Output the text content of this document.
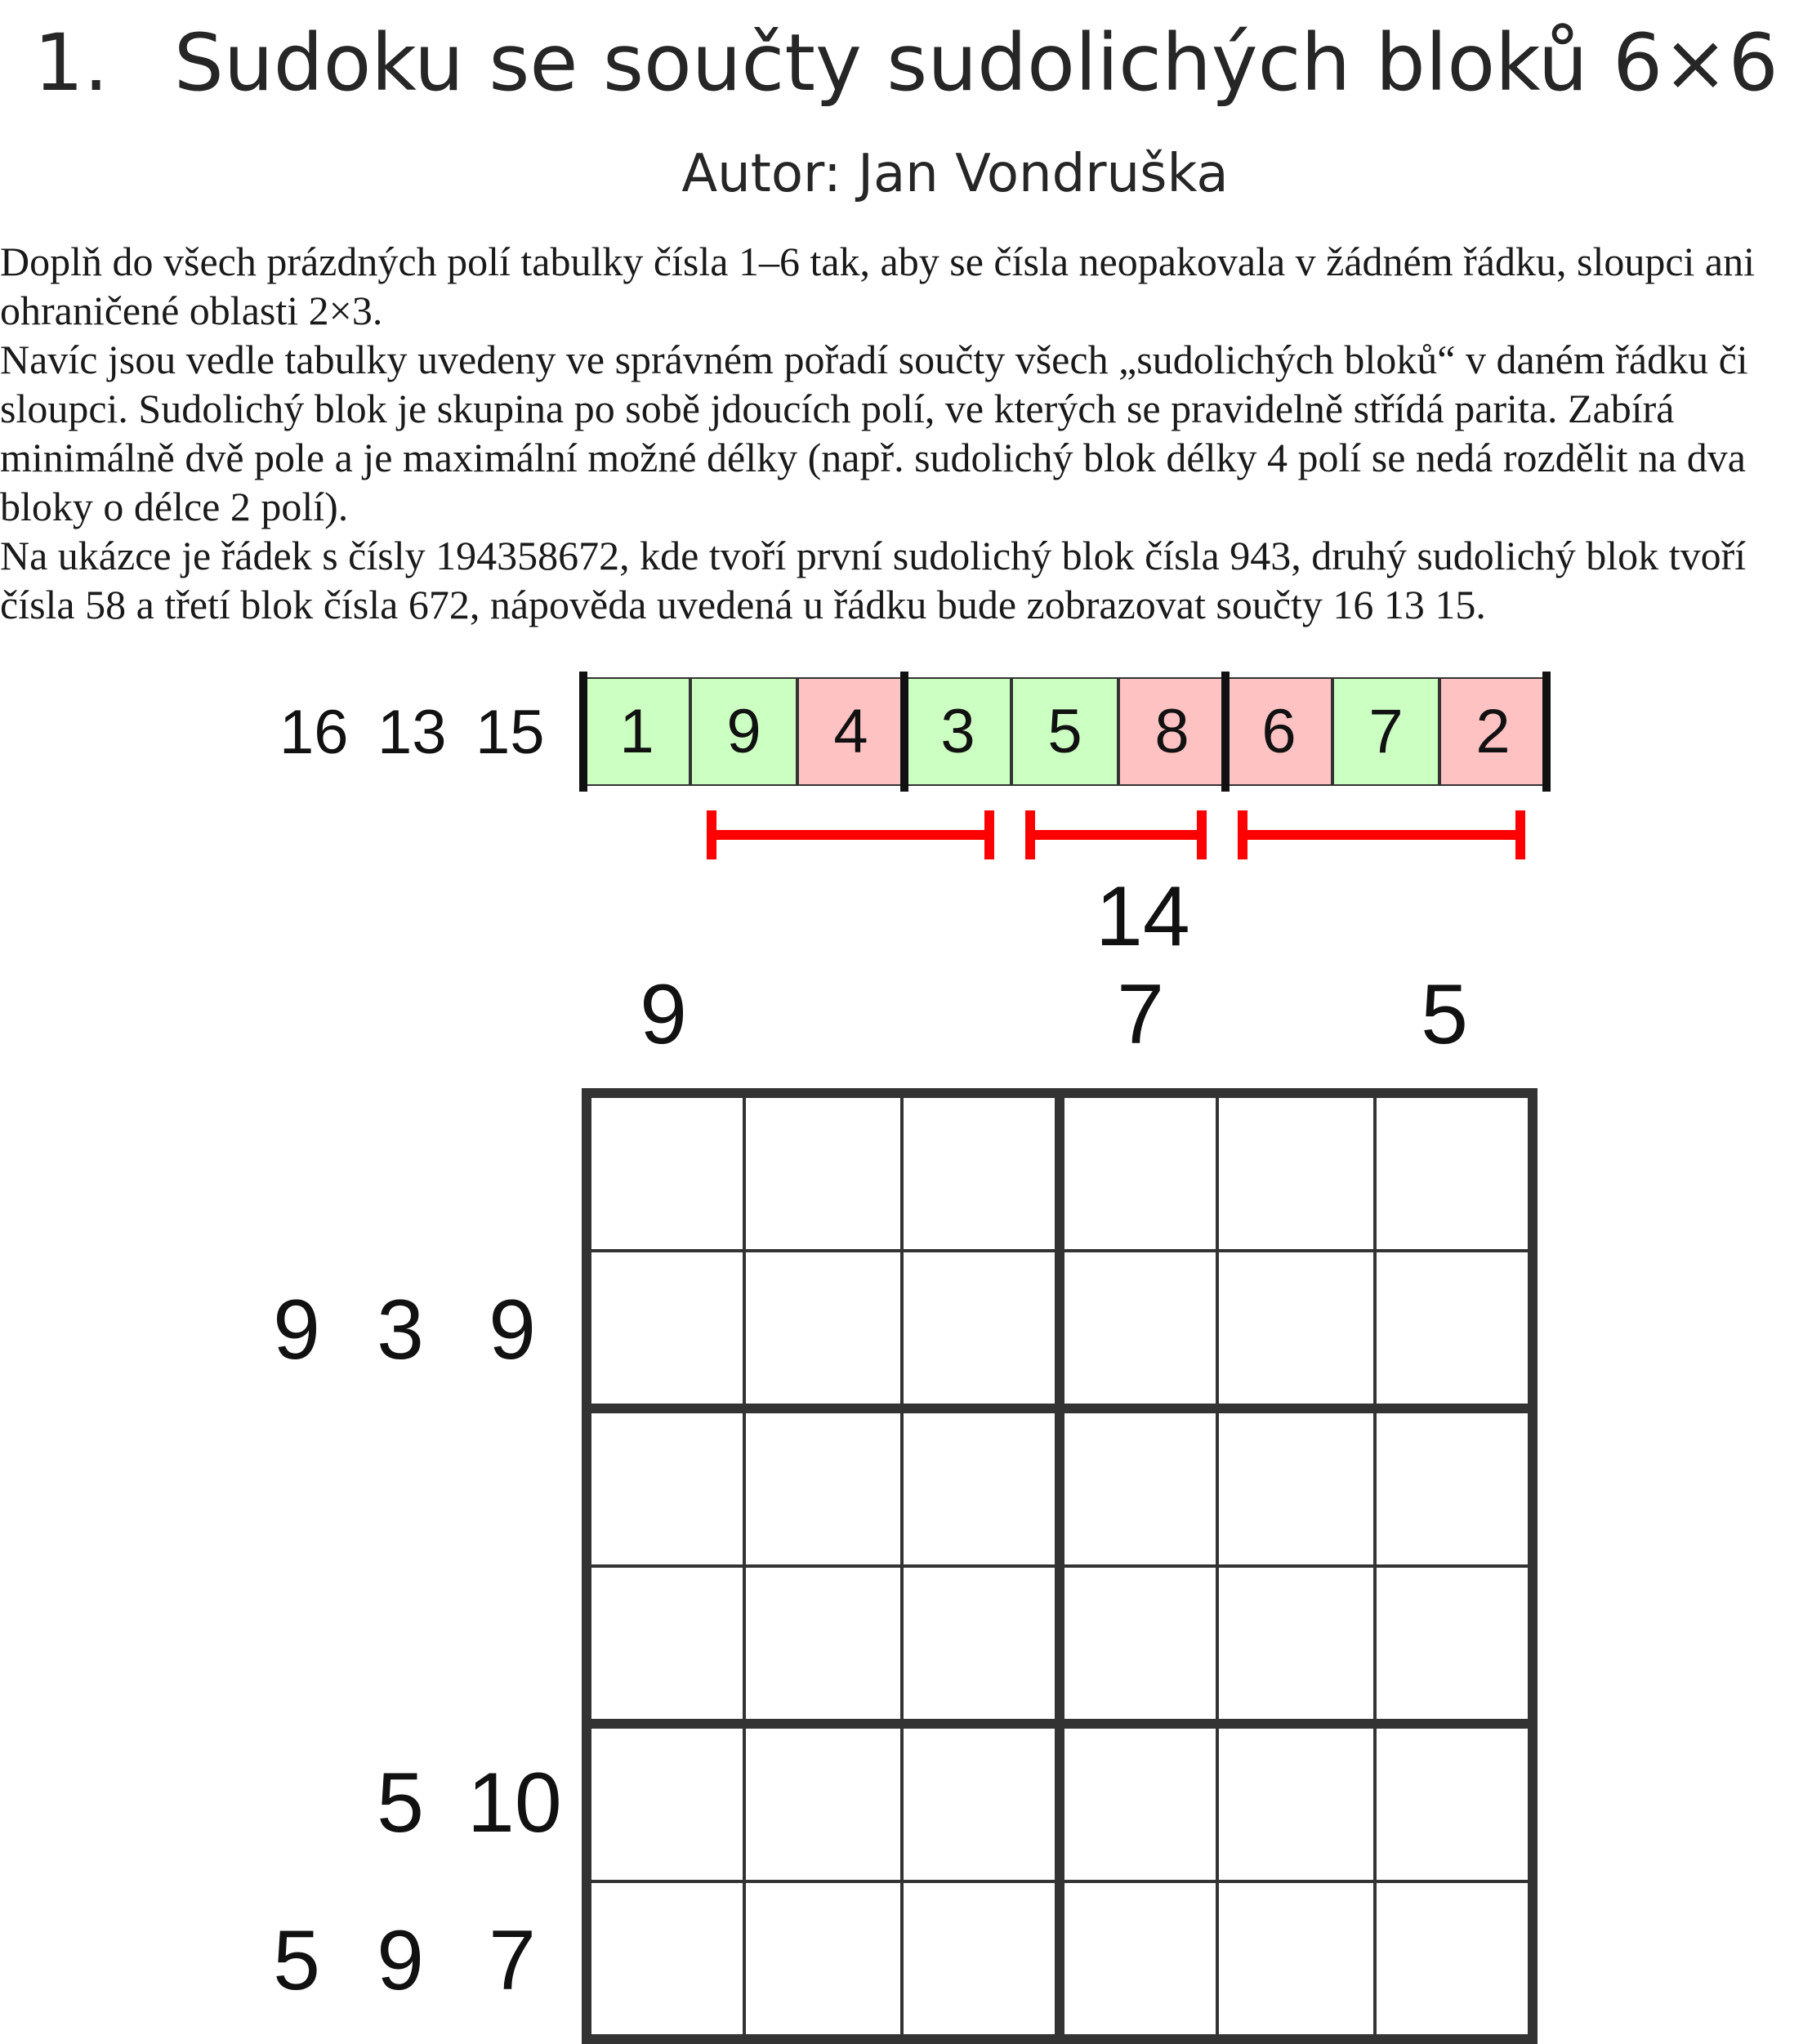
1. Sudoku se součty sudolichých bloků 6×6
Autor: Jan Vondruška

Doplň do všech prázdných polí tabulky čísla 1–6 tak, aby se čísla neopakovala v žádném řádku, sloupci ani ohraničené oblasti 2×3.

Navíc jsou vedle tabulky uvedeny ve správném pořadí součty všech „sudolichých bloků“ v daném řádku či sloupci. Sudolichý blok je skupina po sobě jdoucích polí, ve kterých se pravidelně střídá parita. Zabírá minimálně dvě pole a je maximální možné délky (např. sudolichý blok délky 4 polí se nedá rozdělit na dva bloky o délce 2 polí).

Na ukázce je řádek s čísly 194358672, kde tvoří první sudolichý blok čísla 943, druhý sudolichý blok tvoří čísla 58 a třetí blok čísla 672, nápověda uvedená u řádku bude zobrazovat součty 16 13 15.

16 13 15	1	9	4	3	5	8	6	7	2
9
14
7	5
9 3 9
5 10
5 9 7
